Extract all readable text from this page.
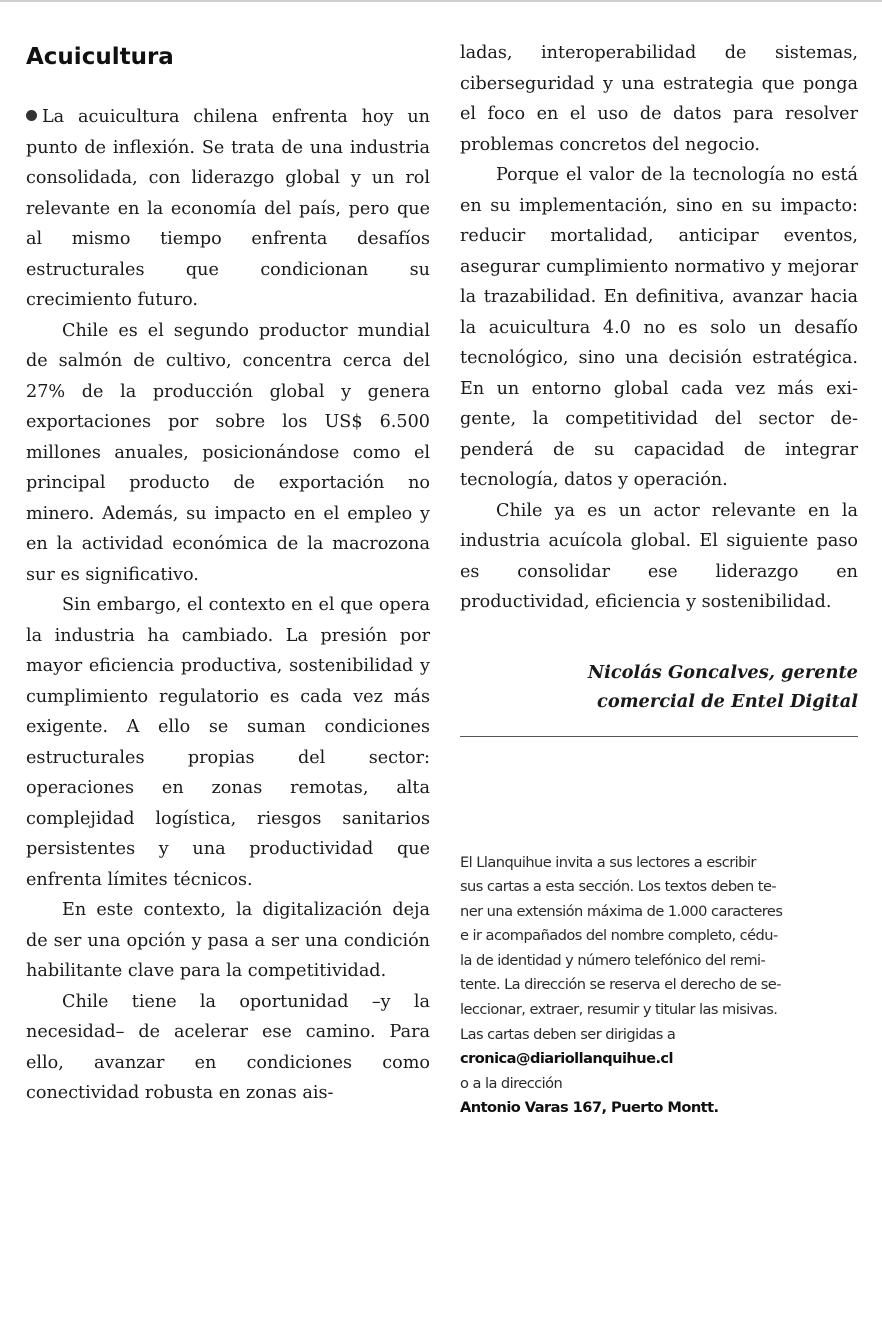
Acuicultura

La acuicultura chilena enfrenta hoy un punto de inflexión. Se trata de una industria consolidada, con liderazgo global y un rol relevante en la economía del país, pero que al mismo tiempo enfrenta desafíos estructurales que condicionan su crecimiento futuro.

Chile es el segundo productor mundial de salmón de cultivo, concentra cerca del 27% de la producción global y genera exportaciones por sobre los US$ 6.500 millones anuales, posicionándose como el principal producto de exportación no minero. Además, su impacto en el empleo y en la actividad económica de la macrozona sur es significativo.

Sin embargo, el contexto en el que opera la industria ha cambiado. La presión por mayor eficiencia productiva, sostenibilidad y cumplimiento regulatorio es cada vez más exigente. A ello se suman condiciones estructurales propias del sector: operaciones en zonas remotas, alta complejidad logística, riesgos sanitarios persistentes y una productividad que enfrenta límites técnicos.

En este contexto, la digitalización deja de ser una opción y pasa a ser una condición habilitante clave para la competitividad.

Chile tiene la oportunidad –y la necesidad– de acelerar ese camino. Para ello, avanzar en condiciones como conectividad robusta en zonas ais-

ladas, interoperabilidad de sistemas, ciberseguridad y una estrategia que ponga el foco en el uso de datos para resolver problemas concretos del negocio.

Porque el valor de la tecnología no está en su implementación, sino en su impacto: reducir mortalidad, anticipar eventos, asegurar cumplimiento normativo y mejorar la trazabilidad. En definitiva, avanzar hacia la acuicultura 4.0 no es solo un desafío tecnológico, sino una decisión estratégica. En un entorno global cada vez más exigente, la competitividad del sector dependerá de su capacidad de integrar tecnología, datos y operación.

Chile ya es un actor relevante en la industria acuícola global. El siguiente paso es consolidar ese liderazgo en productividad, eficiencia y sostenibilidad.

Nicolás Goncalves, gerente
comercial de Entel Digital
El Llanquihue invita a sus lectores a escribir
sus cartas a esta sección. Los textos deben te-
ner una extensión máxima de 1.000 caracteres
e ir acompañados del nombre completo, cédu-
la de identidad y número telefónico del remi-
tente. La dirección se reserva el derecho de se-
leccionar, extraer, resumir y titular las misivas.
Las cartas deben ser dirigidas a
cronica@diariollanquihue.cl
o a la dirección
Antonio Varas 167, Puerto Montt.
